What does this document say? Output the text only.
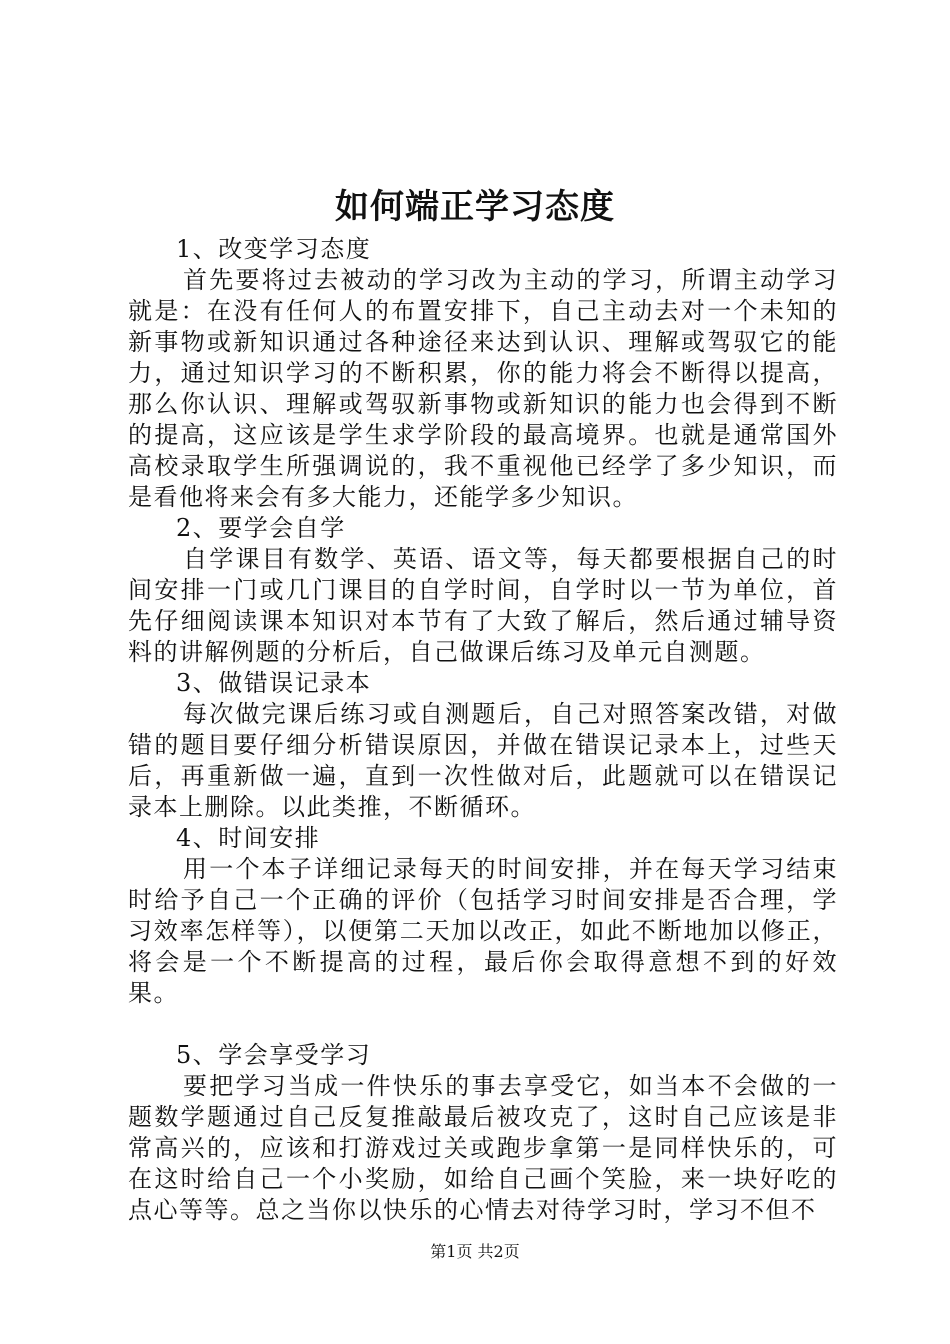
如何端正学习态度

1、改变学习态度

首先要将过去被动的学习改为主动的学习，所谓主动学习就是：在没有任何人的布置安排下，自己主动去对一个未知的新事物或新知识通过各种途径来达到认识、理解或驾驭它的能力，通过知识学习的不断积累，你的能力将会不断得以提高，那么你认识、理解或驾驭新事物或新知识的能力也会得到不断的提高，这应该是学生求学阶段的最高境界。也就是通常国外高校录取学生所强调说的，我不重视他已经学了多少知识，而是看他将来会有多大能力，还能学多少知识。

2、要学会自学

自学课目有数学、英语、语文等，每天都要根据自己的时间安排一门或几门课目的自学时间，自学时以一节为单位，首先仔细阅读课本知识对本节有了大致了解后，然后通过辅导资料的讲解例题的分析后，自己做课后练习及单元自测题。

3、做错误记录本

每次做完课后练习或自测题后，自己对照答案改错，对做错的题目要仔细分析错误原因，并做在错误记录本上，过些天后，再重新做一遍，直到一次性做对后，此题就可以在错误记录本上删除。以此类推，不断循环。

4、时间安排

用一个本子详细记录每天的时间安排，并在每天学习结束时给予自己一个正确的评价（包括学习时间安排是否合理，学习效率怎样等），以便第二天加以改正，如此不断地加以修正，将会是一个不断提高的过程，最后你会取得意想不到的好效果。

5、学会享受学习

要把学习当成一件快乐的事去享受它，如当本不会做的一题数学题通过自己反复推敲最后被攻克了，这时自己应该是非常高兴的，应该和打游戏过关或跑步拿第一是同样快乐的，可在这时给自己一个小奖励，如给自己画个笑脸，来一块好吃的点心等等。总之当你以快乐的心情去对待学习时，学习不但不

第1页 共2页
